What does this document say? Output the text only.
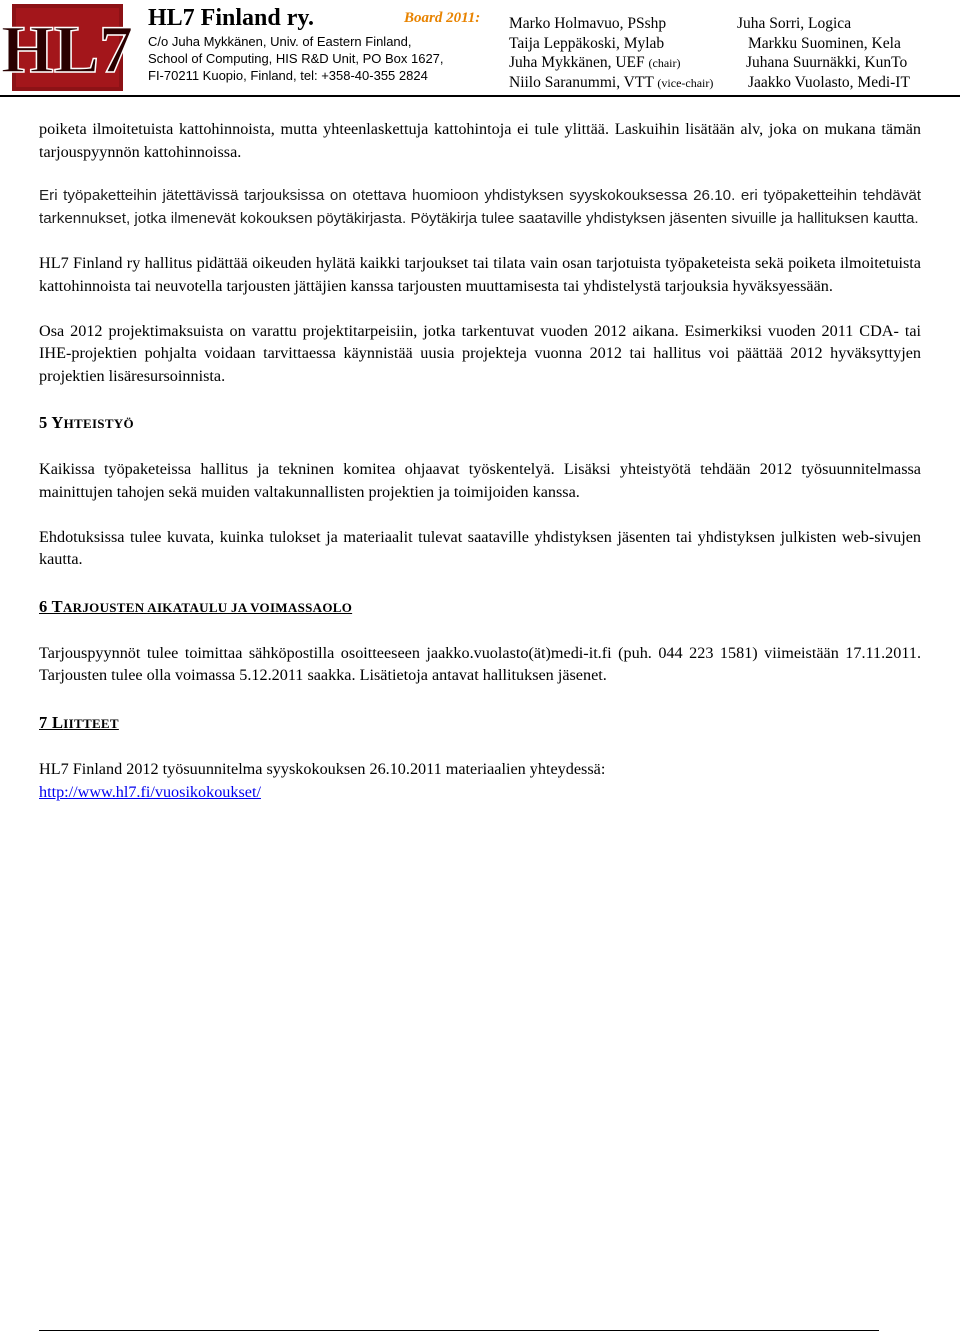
HL7 HL7 Finland ry.	Board 2011:
C/o Juha Mykkänen, Univ. of Eastern Finland,
School of Computing, HIS R&D Unit, PO Box 1627,
FI-70211 Kuopio, Finland, tel: +358-40-355 2824
Marko Holmavuo, PSshp
Taija Leppäkoski, Mylab
Juha Mykkänen, UEF (chair)
Niilo Saranummi, VTT (vice-chair)
Juha Sorri, Logica
Markku Suominen, Kela
Juhana Suurnäkki, KunTo
Jaakko Vuolasto, Medi-IT

poiketa ilmoitetuista kattohinnoista, mutta yhteenlaskettuja kattohintoja ei tule ylittää. Laskuihin lisätään alv, joka on mukana tämän tarjouspyynnön kattohinnoissa.

Eri työpaketteihin jätettävissä tarjouksissa on otettava huomioon yhdistyksen syyskokouksessa 26.10. eri työpaketteihin tehdävät tarkennukset, jotka ilmenevät kokouksen pöytäkirjasta. Pöytäkirja tulee saataville yhdistyksen jäsenten sivuille ja hallituksen kautta.

HL7 Finland ry hallitus pidättää oikeuden hylätä kaikki tarjoukset tai tilata vain osan tarjotuista työpaketeista sekä poiketa ilmoitetuista kattohinnoista tai neuvotella tarjousten jättäjien kanssa tarjousten muuttamisesta tai yhdistelystä tarjouksia hyväksyessään.

Osa 2012 projektimaksuista on varattu projektitarpeisiin, jotka tarkentuvat vuoden 2012 aikana. Esimerkiksi vuoden 2011 CDA- tai IHE-projektien pohjalta voidaan tarvittaessa käynnistää uusia projekteja vuonna 2012 tai hallitus voi päättää 2012 hyväksyttyjen projektien lisäresursoinnista.

5 YHTEISTYÖ

Kaikissa työpaketeissa hallitus ja tekninen komitea ohjaavat työskentelyä. Lisäksi yhteistyötä tehdään 2012 työsuunnitelmassa mainittujen tahojen sekä muiden valtakunnallisten projektien ja toimijoiden kanssa.

Ehdotuksissa tulee kuvata, kuinka tulokset ja materiaalit tulevat saataville yhdistyksen jäsenten tai yhdistyksen julkisten web-sivujen kautta.

6 TARJOUSTEN AIKATAULU JA VOIMASSAOLO

Tarjouspyynnöt tulee toimittaa sähköpostilla osoitteeseen jaakko.vuolasto(ät)medi-it.fi (puh. 044 223 1581) viimeistään 17.11.2011. Tarjousten tulee olla voimassa 5.12.2011 saakka. Lisätietoja antavat hallituksen jäsenet.

7 LIITTEET

HL7 Finland 2012 työsuunnitelma syyskokouksen 26.10.2011 materiaalien yhteydessä:
http://www.hl7.fi/vuosikokoukset/
